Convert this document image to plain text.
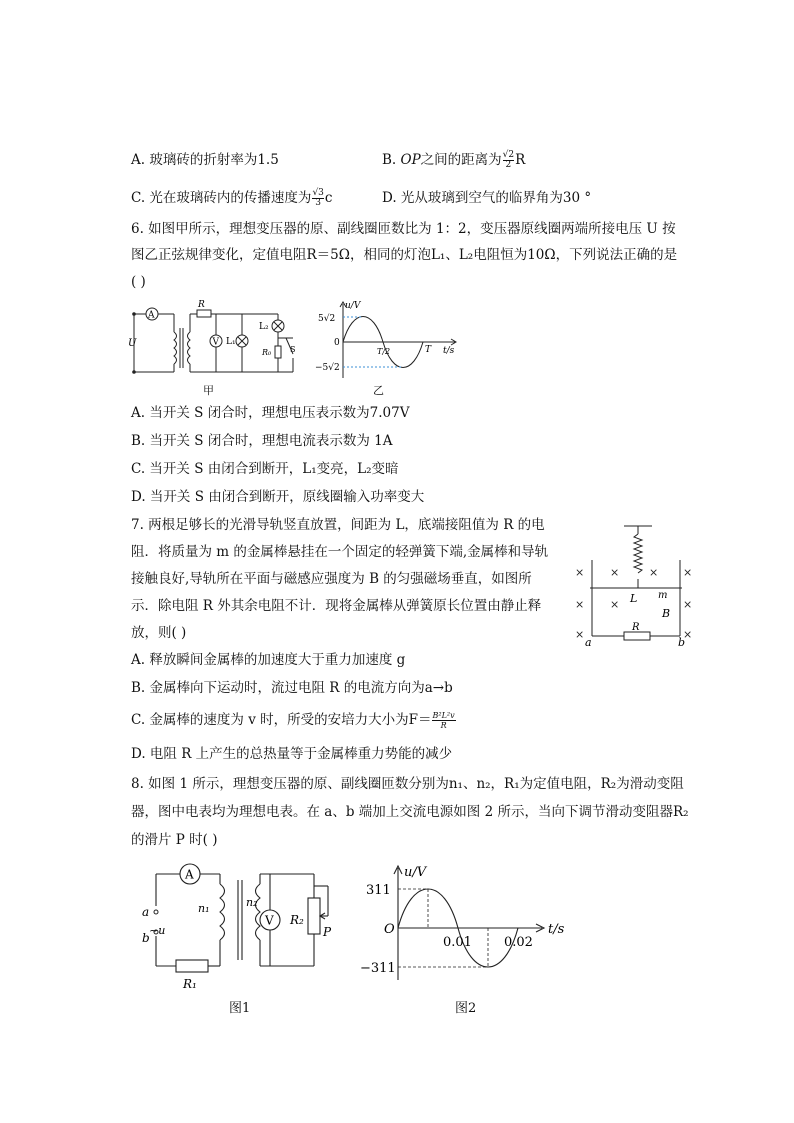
A. 玻璃砖的折射率为1.5	B. OP之间的距离为 $\frac{√2}{2}$ R
C. 光在玻璃砖内的传播速度为 $\frac{√3}{3}$ c	D. 光从玻璃到空气的临界角为30 °
6. 如图甲所示，理想变压器的原、副线圈匝数比为 1：2，变压器原线圈两端所接电压 U 按
图乙正弦规律变化，定值电阻R＝5Ω，相同的灯泡L₁、L₂电阻恒为10Ω，下列说法正确的是
( )
A
V
U
R
L₁
L₂
R₀ S
甲
u/V
t/s
5√2
−5√2
0
T/2	T
乙
A. 当开关 S 闭合时，理想电压表示数为7.07V
B. 当开关 S 闭合时，理想电流表示数为 1A
C. 当开关 S 由闭合到断开，L₁变亮，L₂变暗
D. 当开关 S 由闭合到断开，原线圈输入功率变大
7. 两根足够长的光滑导轨竖直放置，间距为 L，底端接阻值为 R 的电
阻．将质量为 m 的金属棒悬挂在一个固定的轻弹簧下端,金属棒和导轨
接触良好,导轨所在平面与磁感应强度为 B 的匀强磁场垂直，如图所
示．除电阻 R 外其余电阻不计．现将金属棒从弹簧原长位置由静止释
放，则( )
× ×	× ×
× ×	×
×	×
L m
B
R
a	b
A. 释放瞬间金属棒的加速度大于重力加速度 g
B. 金属棒向下运动时，流过电阻 R 的电流方向为a→b
C. 金属棒的速度为 v 时，所受的安培力大小为$F= \frac{\text{B²L²v}}{R}$
D. 电阻 R 上产生的总热量等于金属棒重力势能的减少
8. 如图 1 所示，理想变压器的原、副线圈匝数分别为n₁、n₂，R₁为定值电阻，R₂为滑动变阻
器，图中电表均为理想电表。在 a、b 端加上交流电源如图 2 所示，当向下调节滑动变阻器R₂
的滑片 P 时( )
A
V
a
b
~u
n₁	n₂
R₁
R₂
P
图1
u/V
t/s
311
−311
O
0.01 0.02
图2
